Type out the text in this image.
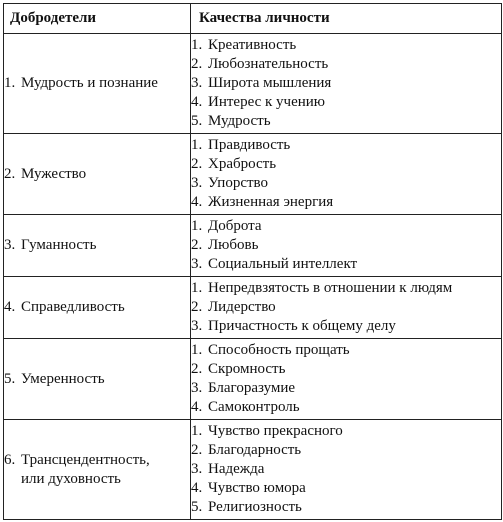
Добродетели	Качества личности

1. Мудрость и познание	1. Креативность
2. Любознательность
3. Широта мышления
4. Интерес к учению
5. Мудрость

2. Мужество	1. Правдивость
2. Храбрость
3. Упорство
4. Жизненная энергия

3. Гуманность	1. Доброта
2. Любовь
3. Социальный интеллект

4. Справедливость	1. Непредвзятость в отношении к людям
2. Лидерство
3. Причастность к общему делу

5. Умеренность	1. Способность прощать
2. Скромность
3. Благоразумие
4. Самоконтроль

6. Трансцендентность,
или духовность	1. Чувство прекрасного
2. Благодарность
3. Надежда
4. Чувство юмора
5. Религиозность
